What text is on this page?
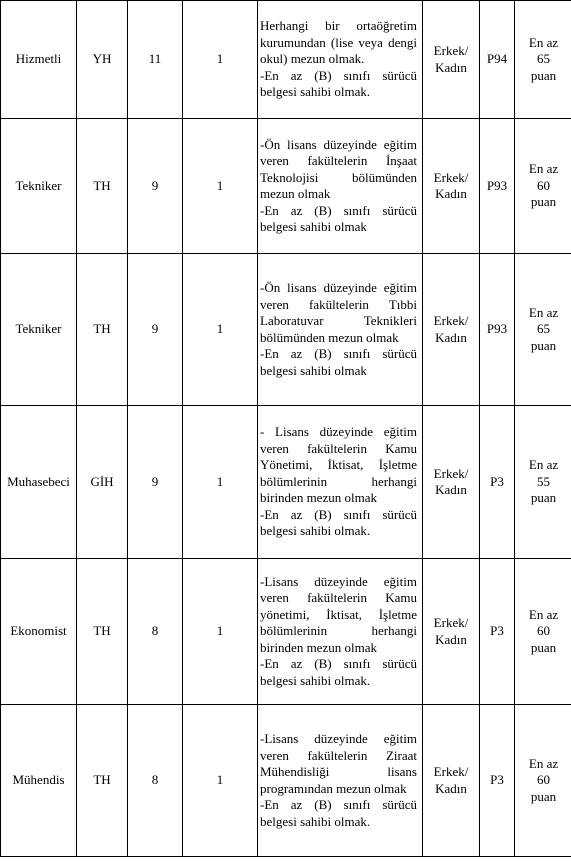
Hizmetli	YH	11	1	Herhangi bir ortaöğretim kurumundan (lise veya dengi okul) mezun olmak.
-En az (B) sınıfı sürücü belgesi sahibi olmak.	Erkek/
Kadın	P94	En az
65
puan

Tekniker	TH	9	1	-Ön lisans düzeyinde eğitim veren fakültelerin İnşaat Teknolojisi bölümünden mezun olmak
-En az (B) sınıfı sürücü belgesi sahibi olmak	Erkek/
Kadın	P93	En az
60
puan

Tekniker	TH	9	1	-Ön lisans düzeyinde eğitim veren fakültelerin Tıbbi Laboratuvar Teknikleri bölümünden mezun olmak
-En az (B) sınıfı sürücü belgesi sahibi olmak	Erkek/
Kadın	P93	En az
65
puan

Muhasebeci	GİH	9	1	- Lisans düzeyinde eğitim veren fakültelerin Kamu Yönetimi, İktisat, İşletme bölümlerinin herhangi birinden mezun olmak
-En az (B) sınıfı sürücü belgesi sahibi olmak.	Erkek/
Kadın	P3	En az
55
puan

Ekonomist	TH	8	1	-Lisans düzeyinde eğitim veren fakültelerin Kamu yönetimi, İktisat, İşletme bölümlerinin herhangi birinden mezun olmak
-En az (B) sınıfı sürücü belgesi sahibi olmak.	Erkek/
Kadın	P3	En az
60
puan

Mühendis	TH	8	1	-Lisans düzeyinde eğitim veren fakültelerin Ziraat Mühendisliği lisans programından mezun olmak
-En az (B) sınıfı sürücü belgesi sahibi olmak.	Erkek/
Kadın	P3	En az
60
puan
